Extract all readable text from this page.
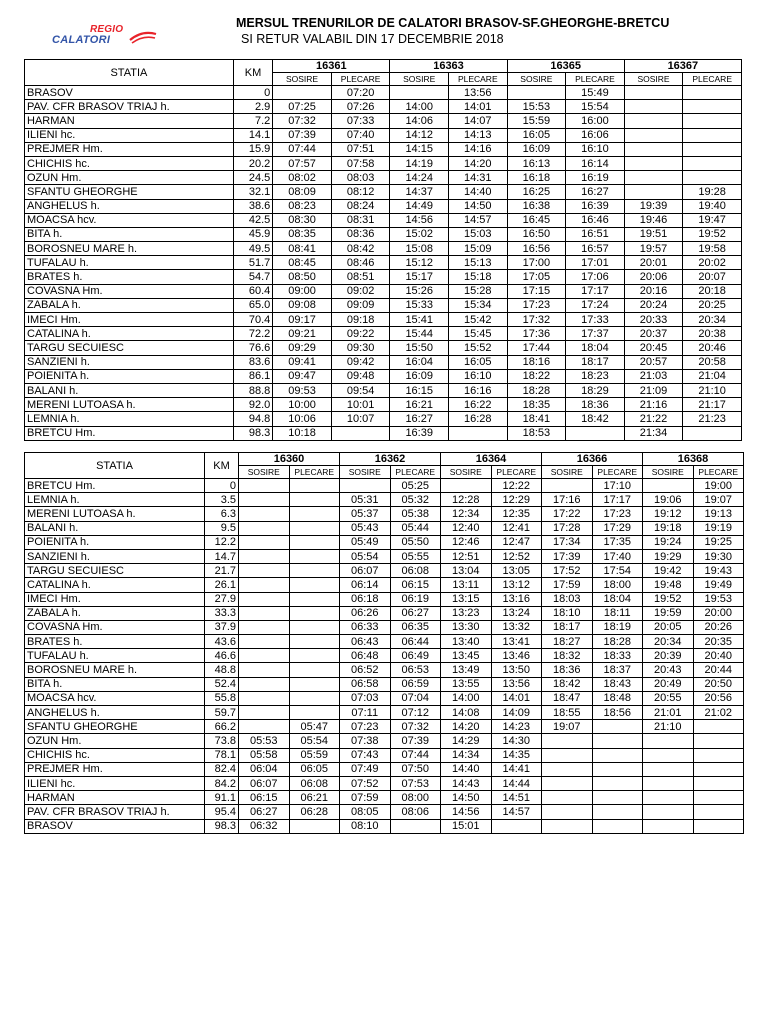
REGIO
CALATORI
MERSUL TRENURILOR DE CALATORI BRASOV-SF.GHEORGHE-BRETCU
SI RETUR VALABIL DIN 17 DECEMBRIE 2018
STATIA	KM	16361		16363		16365		16367	
		SOSIRE	PLECARE	SOSIRE	PLECARE	SOSIRE	PLECARE	SOSIRE	PLECARE
BRASOV	0		07:20		13:56		15:49		
PAV. CFR BRASOV TRIAJ h.	2.9	07:25	07:26	14:00	14:01	15:53	15:54		
HARMAN	7.2	07:32	07:33	14:06	14:07	15:59	16:00		
ILIENI hc.	14.1	07:39	07:40	14:12	14:13	16:05	16:06		
PREJMER Hm.	15.9	07:44	07:51	14:15	14:16	16:09	16:10		
CHICHIS hc.	20.2	07:57	07:58	14:19	14:20	16:13	16:14		
OZUN Hm.	24.5	08:02	08:03	14:24	14:31	16:18	16:19		
SFANTU GHEORGHE	32.1	08:09	08:12	14:37	14:40	16:25	16:27		19:28
ANGHELUS h.	38.6	08:23	08:24	14:49	14:50	16:38	16:39	19:39	19:40
MOACSA hcv.	42.5	08:30	08:31	14:56	14:57	16:45	16:46	19:46	19:47
BITA h.	45.9	08:35	08:36	15:02	15:03	16:50	16:51	19:51	19:52
BOROSNEU MARE h.	49.5	08:41	08:42	15:08	15:09	16:56	16:57	19:57	19:58
TUFALAU h.	51.7	08:45	08:46	15:12	15:13	17:00	17:01	20:01	20:02
BRATES h.	54.7	08:50	08:51	15:17	15:18	17:05	17:06	20:06	20:07
COVASNA Hm.	60.4	09:00	09:02	15:26	15:28	17:15	17:17	20:16	20:18
ZABALA h.	65.0	09:08	09:09	15:33	15:34	17:23	17:24	20:24	20:25
IMECI Hm.	70.4	09:17	09:18	15:41	15:42	17:32	17:33	20:33	20:34
CATALINA h.	72.2	09:21	09:22	15:44	15:45	17:36	17:37	20:37	20:38
TARGU SECUIESC	76.6	09:29	09:30	15:50	15:52	17:44	18:04	20:45	20:46
SANZIENI h.	83.6	09:41	09:42	16:04	16:05	18:16	18:17	20:57	20:58
POIENITA h.	86.1	09:47	09:48	16:09	16:10	18:22	18:23	21:03	21:04
BALANI h.	88.8	09:53	09:54	16:15	16:16	18:28	18:29	21:09	21:10
MERENI LUTOASA h.	92.0	10:00	10:01	16:21	16:22	18:35	18:36	21:16	21:17
LEMNIA h.	94.8	10:06	10:07	16:27	16:28	18:41	18:42	21:22	21:23
BRETCU Hm.	98.3	10:18		16:39		18:53		21:34	
STATIA	KM	16360		16362		16364		16366		16368	
		SOSIRE	PLECARE	SOSIRE	PLECARE	SOSIRE	PLECARE	SOSIRE	PLECARE	SOSIRE	PLECARE
BRETCU Hm.	0				05:25		12:22		17:10		19:00
LEMNIA h.	3.5			05:31	05:32	12:28	12:29	17:16	17:17	19:06	19:07
MERENI LUTOASA h.	6.3			05:37	05:38	12:34	12:35	17:22	17:23	19:12	19:13
BALANI h.	9.5			05:43	05:44	12:40	12:41	17:28	17:29	19:18	19:19
POIENITA h.	12.2			05:49	05:50	12:46	12:47	17:34	17:35	19:24	19:25
SANZIENI h.	14.7			05:54	05:55	12:51	12:52	17:39	17:40	19:29	19:30
TARGU SECUIESC	21.7			06:07	06:08	13:04	13:05	17:52	17:54	19:42	19:43
CATALINA h.	26.1			06:14	06:15	13:11	13:12	17:59	18:00	19:48	19:49
IMECI Hm.	27.9			06:18	06:19	13:15	13:16	18:03	18:04	19:52	19:53
ZABALA h.	33.3			06:26	06:27	13:23	13:24	18:10	18:11	19:59	20:00
COVASNA Hm.	37.9			06:33	06:35	13:30	13:32	18:17	18:19	20:05	20:26
BRATES h.	43.6			06:43	06:44	13:40	13:41	18:27	18:28	20:34	20:35
TUFALAU h.	46.6			06:48	06:49	13:45	13:46	18:32	18:33	20:39	20:40
BOROSNEU MARE h.	48.8			06:52	06:53	13:49	13:50	18:36	18:37	20:43	20:44
BITA h.	52.4			06:58	06:59	13:55	13:56	18:42	18:43	20:49	20:50
MOACSA hcv.	55.8			07:03	07:04	14:00	14:01	18:47	18:48	20:55	20:56
ANGHELUS h.	59.7			07:11	07:12	14:08	14:09	18:55	18:56	21:01	21:02
SFANTU GHEORGHE	66.2		05:47	07:23	07:32	14:20	14:23	19:07		21:10	
OZUN Hm.	73.8	05:53	05:54	07:38	07:39	14:29	14:30				
CHICHIS hc.	78.1	05:58	05:59	07:43	07:44	14:34	14:35				
PREJMER Hm.	82.4	06:04	06:05	07:49	07:50	14:40	14:41				
ILIENI hc.	84.2	06:07	06:08	07:52	07:53	14:43	14:44				
HARMAN	91.1	06:15	06:21	07:59	08:00	14:50	14:51				
PAV. CFR BRASOV TRIAJ h.	95.4	06:27	06:28	08:05	08:06	14:56	14:57				
BRASOV	98.3	06:32		08:10		15:01					
